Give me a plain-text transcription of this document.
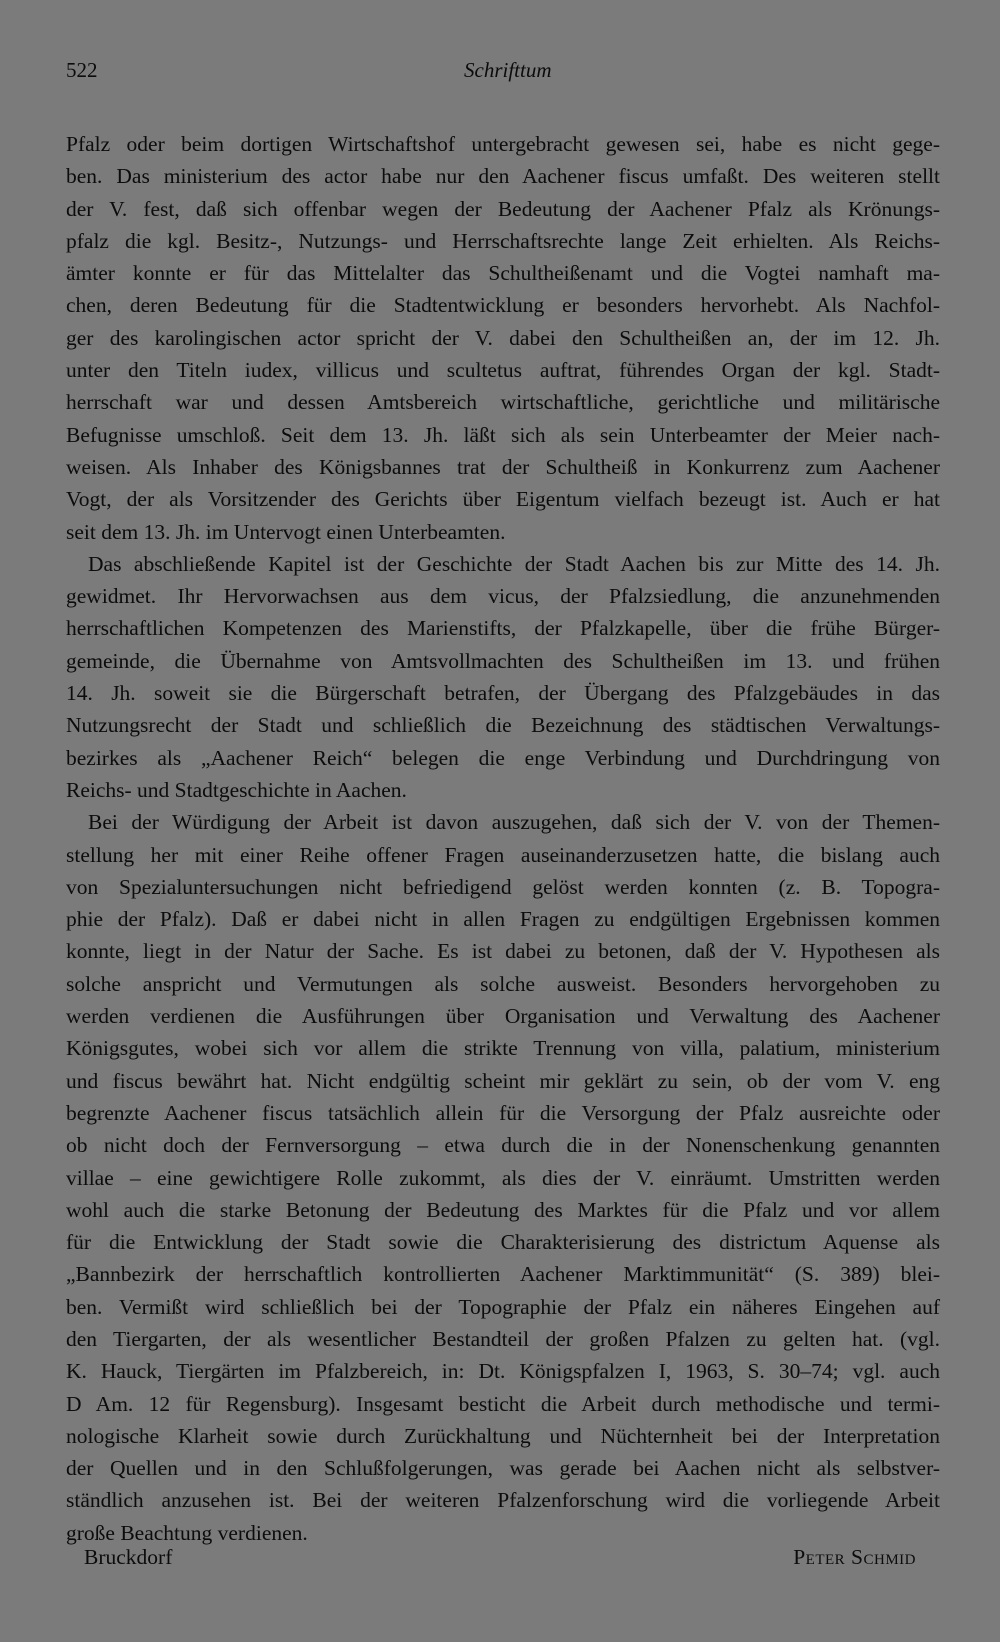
522	Schrifttum
Pfalz oder beim dortigen Wirtschaftshof untergebracht gewesen sei, habe es nicht gege-
ben. Das ministerium des actor habe nur den Aachener fiscus umfaßt. Des weiteren stellt
der V. fest, daß sich offenbar wegen der Bedeutung der Aachener Pfalz als Krönungs-
pfalz die kgl. Besitz-, Nutzungs- und Herrschaftsrechte lange Zeit erhielten. Als Reichs-
ämter konnte er für das Mittelalter das Schultheißenamt und die Vogtei namhaft ma-
chen, deren Bedeutung für die Stadtentwicklung er besonders hervorhebt. Als Nachfol-
ger des karolingischen actor spricht der V. dabei den Schultheißen an, der im 12. Jh.
unter den Titeln iudex, villicus und scultetus auftrat, führendes Organ der kgl. Stadt-
herrschaft war und dessen Amtsbereich wirtschaftliche, gerichtliche und militärische
Befugnisse umschloß. Seit dem 13. Jh. läßt sich als sein Unterbeamter der Meier nach-
weisen. Als Inhaber des Königsbannes trat der Schultheiß in Konkurrenz zum Aachener
Vogt, der als Vorsitzender des Gerichts über Eigentum vielfach bezeugt ist. Auch er hat
seit dem 13. Jh. im Untervogt einen Unterbeamten.
Das abschließende Kapitel ist der Geschichte der Stadt Aachen bis zur Mitte des 14. Jh.
gewidmet. Ihr Hervorwachsen aus dem vicus, der Pfalzsiedlung, die anzunehmenden
herrschaftlichen Kompetenzen des Marienstifts, der Pfalzkapelle, über die frühe Bürger-
gemeinde, die Übernahme von Amtsvollmachten des Schultheißen im 13. und frühen
14. Jh. soweit sie die Bürgerschaft betrafen, der Übergang des Pfalzgebäudes in das
Nutzungsrecht der Stadt und schließlich die Bezeichnung des städtischen Verwaltungs-
bezirkes als „Aachener Reich“ belegen die enge Verbindung und Durchdringung von
Reichs- und Stadtgeschichte in Aachen.
Bei der Würdigung der Arbeit ist davon auszugehen, daß sich der V. von der Themen-
stellung her mit einer Reihe offener Fragen auseinanderzusetzen hatte, die bislang auch
von Spezialuntersuchungen nicht befriedigend gelöst werden konnten (z. B. Topogra-
phie der Pfalz). Daß er dabei nicht in allen Fragen zu endgültigen Ergebnissen kommen
konnte, liegt in der Natur der Sache. Es ist dabei zu betonen, daß der V. Hypothesen als
solche anspricht und Vermutungen als solche ausweist. Besonders hervorgehoben zu
werden verdienen die Ausführungen über Organisation und Verwaltung des Aachener
Königsgutes, wobei sich vor allem die strikte Trennung von villa, palatium, ministerium
und fiscus bewährt hat. Nicht endgültig scheint mir geklärt zu sein, ob der vom V. eng
begrenzte Aachener fiscus tatsächlich allein für die Versorgung der Pfalz ausreichte oder
ob nicht doch der Fernversorgung – etwa durch die in der Nonenschenkung genannten
villae – eine gewichtigere Rolle zukommt, als dies der V. einräumt. Umstritten werden
wohl auch die starke Betonung der Bedeutung des Marktes für die Pfalz und vor allem
für die Entwicklung der Stadt sowie die Charakterisierung des districtum Aquense als
„Bannbezirk der herrschaftlich kontrollierten Aachener Marktimmunität“ (S. 389) blei-
ben. Vermißt wird schließlich bei der Topographie der Pfalz ein näheres Eingehen auf
den Tiergarten, der als wesentlicher Bestandteil der großen Pfalzen zu gelten hat. (vgl.
K. Hauck, Tiergärten im Pfalzbereich, in: Dt. Königspfalzen I, 1963, S. 30–74; vgl. auch
D Am. 12 für Regensburg). Insgesamt besticht die Arbeit durch methodische und termi-
nologische Klarheit sowie durch Zurückhaltung und Nüchternheit bei der Interpretation
der Quellen und in den Schlußfolgerungen, was gerade bei Aachen nicht als selbstver-
ständlich anzusehen ist. Bei der weiteren Pfalzenforschung wird die vorliegende Arbeit
große Beachtung verdienen.
Bruckdorf	Peter Schmid
